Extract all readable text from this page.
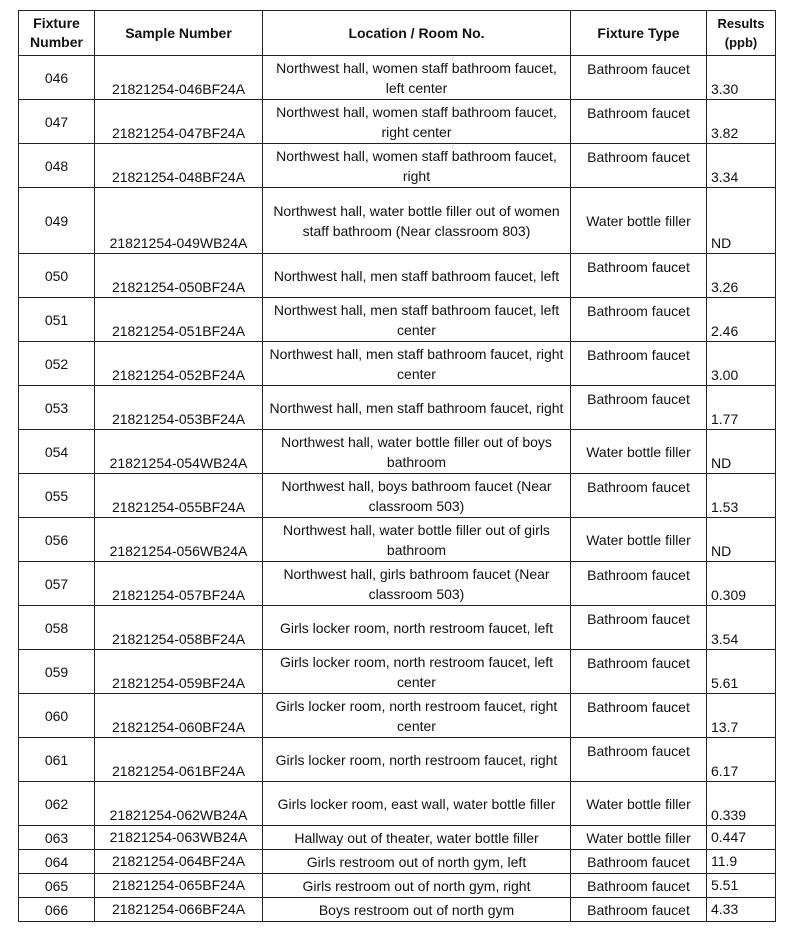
Fixture Number	Sample Number	Location / Room No.	Fixture Type	Results (ppb)
046	21821254-046BF24A	Northwest hall, women staff bathroom faucet, left center	Bathroom faucet	3.30
047	21821254-047BF24A	Northwest hall, women staff bathroom faucet, right center	Bathroom faucet	3.82
048	21821254-048BF24A	Northwest hall, women staff bathroom faucet, right	Bathroom faucet	3.34
049	21821254-049WB24A	Northwest hall, water bottle filler out of women staff bathroom (Near classroom 803)	Water bottle filler	ND
050	21821254-050BF24A	Northwest hall, men staff bathroom faucet, left	Bathroom faucet	3.26
051	21821254-051BF24A	Northwest hall, men staff bathroom faucet, left center	Bathroom faucet	2.46
052	21821254-052BF24A	Northwest hall, men staff bathroom faucet, right center	Bathroom faucet	3.00
053	21821254-053BF24A	Northwest hall, men staff bathroom faucet, right	Bathroom faucet	1.77
054	21821254-054WB24A	Northwest hall, water bottle filler out of boys bathroom	Water bottle filler	ND
055	21821254-055BF24A	Northwest hall, boys bathroom faucet (Near classroom 503)	Bathroom faucet	1.53
056	21821254-056WB24A	Northwest hall, water bottle filler out of girls bathroom	Water bottle filler	ND
057	21821254-057BF24A	Northwest hall, girls bathroom faucet (Near classroom 503)	Bathroom faucet	0.309
058	21821254-058BF24A	Girls locker room, north restroom faucet, left	Bathroom faucet	3.54
059	21821254-059BF24A	Girls locker room, north restroom faucet, left center	Bathroom faucet	5.61
060	21821254-060BF24A	Girls locker room, north restroom faucet, right center	Bathroom faucet	13.7
061	21821254-061BF24A	Girls locker room, north restroom faucet, right	Bathroom faucet	6.17
062	21821254-062WB24A	Girls locker room, east wall, water bottle filler	Water bottle filler	0.339
063	21821254-063WB24A	Hallway out of theater, water bottle filler	Water bottle filler	0.447
064	21821254-064BF24A	Girls restroom out of north gym, left	Bathroom faucet	11.9
065	21821254-065BF24A	Girls restroom out of north gym, right	Bathroom faucet	5.51
066	21821254-066BF24A	Boys restroom out of north gym	Bathroom faucet	4.33
